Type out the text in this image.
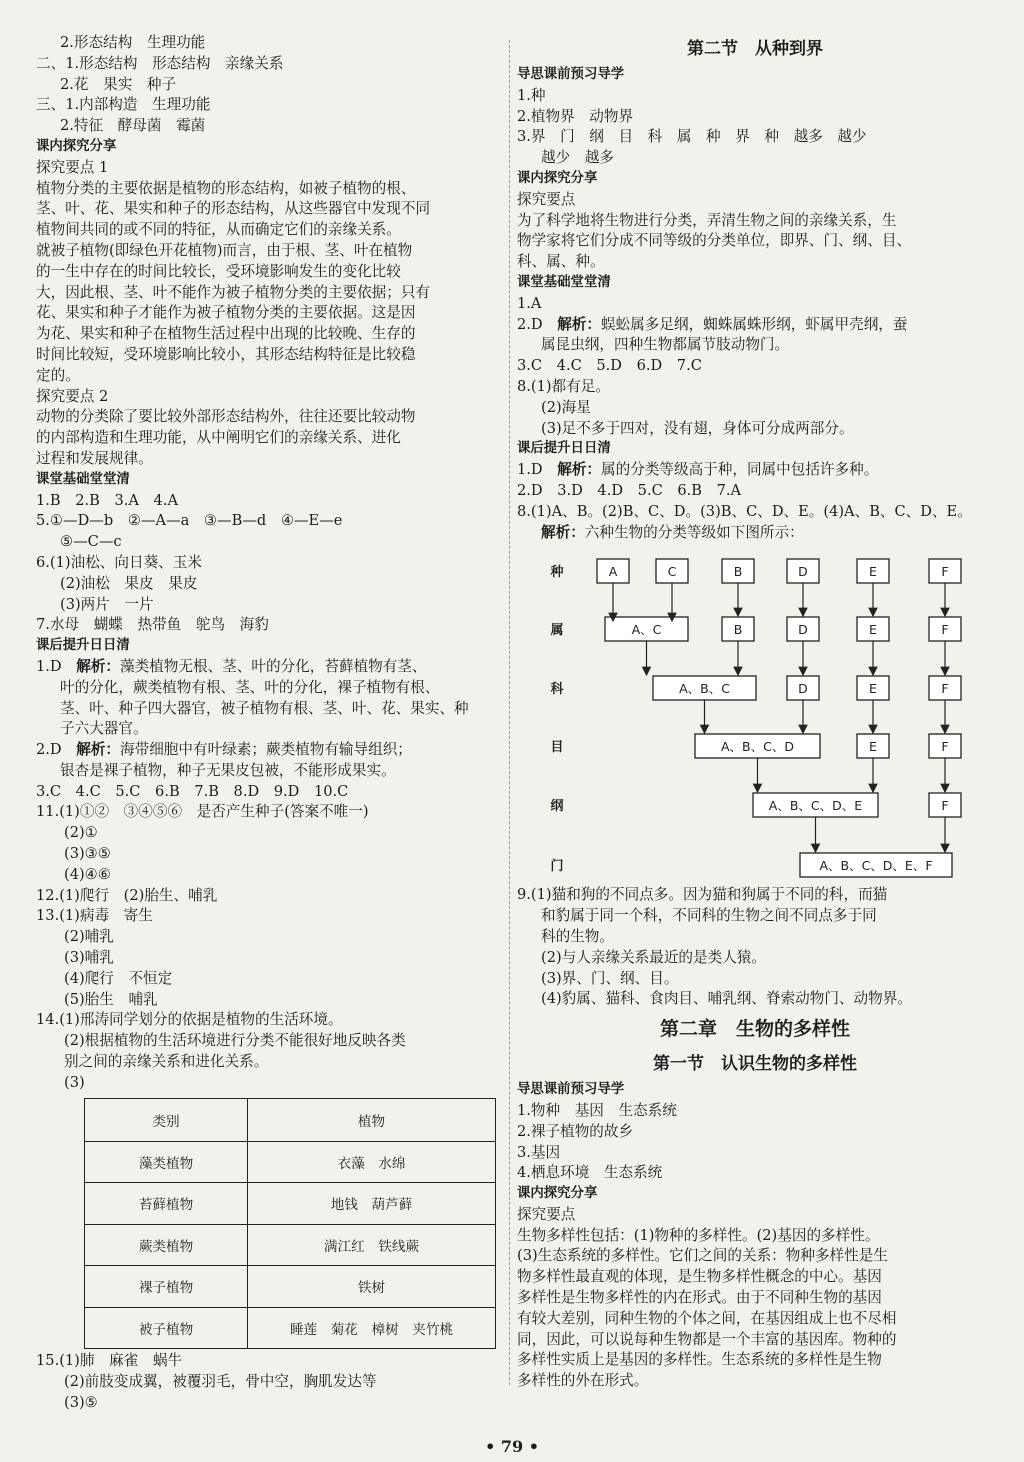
2.形态结构　生理功能
二、1.形态结构　形态结构　亲缘关系
2.花　果实　种子
三、1.内部构造　生理功能
2.特征　酵母菌　霉菌
课内探究分享
探究要点 1
植物分类的主要依据是植物的形态结构，如被子植物的根、
茎、叶、花、果实和种子的形态结构，从这些器官中发现不同
植物间共同的或不同的特征，从而确定它们的亲缘关系。
就被子植物(即绿色开花植物)而言，由于根、茎、叶在植物
的一生中存在的时间比较长，受环境影响发生的变化比较
大，因此根、茎、叶不能作为被子植物分类的主要依据；只有
花、果实和种子才能作为被子植物分类的主要依据。这是因
为花、果实和种子在植物生活过程中出现的比较晚、生存的
时间比较短，受环境影响比较小，其形态结构特征是比较稳
定的。
探究要点 2
动物的分类除了要比较外部形态结构外，往往还要比较动物
的内部构造和生理功能，从中阐明它们的亲缘关系、进化
过程和发展规律。
课堂基础堂堂清
1.B　2.B　3.A　4.A
5.①—D—b　②—A—a　③—B—d　④—E—e
⑤—C—c
6.(1)油松、向日葵、玉米
(2)油松　果皮　果皮
(3)两片　一片
7.水母　蝴蝶　热带鱼　鸵鸟　海豹
课后提升日日清
1.D　解析：藻类植物无根、茎、叶的分化，苔藓植物有茎、
叶的分化，蕨类植物有根、茎、叶的分化，裸子植物有根、
茎、叶、种子四大器官，被子植物有根、茎、叶、花、果实、种
子六大器官。
2.D　解析：海带细胞中有叶绿素；蕨类植物有输导组织；
银杏是裸子植物，种子无果皮包被，不能形成果实。
3.C　4.C　5.C　6.B　7.B　8.D　9.D　10.C
11.(1)①②　③④⑤⑥　是否产生种子(答案不唯一)
(2)①
(3)③⑤
(4)④⑥
12.(1)爬行　(2)胎生、哺乳
13.(1)病毒　寄生
(2)哺乳
(3)哺乳
(4)爬行　不恒定
(5)胎生　哺乳
14.(1)邢涛同学划分的依据是植物的生活环境。
(2)根据植物的生活环境进行分类不能很好地反映各类
别之间的亲缘关系和进化关系。
(3)
类别	植物
藻类植物	衣藻　水绵
苔藓植物	地钱　葫芦藓
蕨类植物	满江红　铁线蕨
裸子植物	铁树
被子植物	睡莲　菊花　樟树　夹竹桃
15.(1)肺　麻雀　蜗牛
(2)前肢变成翼，被覆羽毛，骨中空，胸肌发达等
(3)⑤
第二节　从种到界
导思课前预习导学
1.种
2.植物界　动物界
3.界　门　纲　目　科　属　种　界　种　越多　越少
越少　越多
课内探究分享
探究要点
为了科学地将生物进行分类，弄清生物之间的亲缘关系，生
物学家将它们分成不同等级的分类单位，即界、门、纲、目、
科、属、种。
课堂基础堂堂清
1.A
2.D　解析：蜈蚣属多足纲，蜘蛛属蛛形纲，虾属甲壳纲，蚕
属昆虫纲，四种生物都属节肢动物门。
3.C　4.C　5.D　6.D　7.C
8.(1)都有足。
(2)海星
(3)足不多于四对，没有翅，身体可分成两部分。
课后提升日日清
1.D　解析：属的分类等级高于种，同属中包括许多种。
2.D　3.D　4.D　5.C　6.B　7.A
8.(1)A、B。(2)B、C、D。(3)B、C、D、E。(4)A、B、C、D、E。
解析：六种生物的分类等级如下图所示：
种
属
科
目
纲
门
A	C	B	D	E	F
A、C	B	D	E	F
A、B、C	D	E	F
A、B、C、D	E	F
A、B、C、D、E	F
A、B、C、D、E、F
9.(1)猫和狗的不同点多。因为猫和狗属于不同的科，而猫
和豹属于同一个科，不同科的生物之间不同点多于同
科的生物。
(2)与人亲缘关系最近的是类人猿。
(3)界、门、纲、目。
(4)豹属、猫科、食肉目、哺乳纲、脊索动物门、动物界。
第二章　生物的多样性
第一节　认识生物的多样性
导思课前预习导学
1.物种　基因　生态系统
2.裸子植物的故乡
3.基因
4.栖息环境　生态系统
课内探究分享
探究要点
生物多样性包括：(1)物种的多样性。(2)基因的多样性。
(3)生态系统的多样性。它们之间的关系：物种多样性是生
物多样性最直观的体现，是生物多样性概念的中心。基因
多样性是生物多样性的内在形式。由于不同种生物的基因
有较大差别，同种生物的个体之间，在基因组成上也不尽相
同，因此，可以说每种生物都是一个丰富的基因库。物种的
多样性实质上是基因的多样性。生态系统的多样性是生物
多样性的外在形式。
• 79 •
